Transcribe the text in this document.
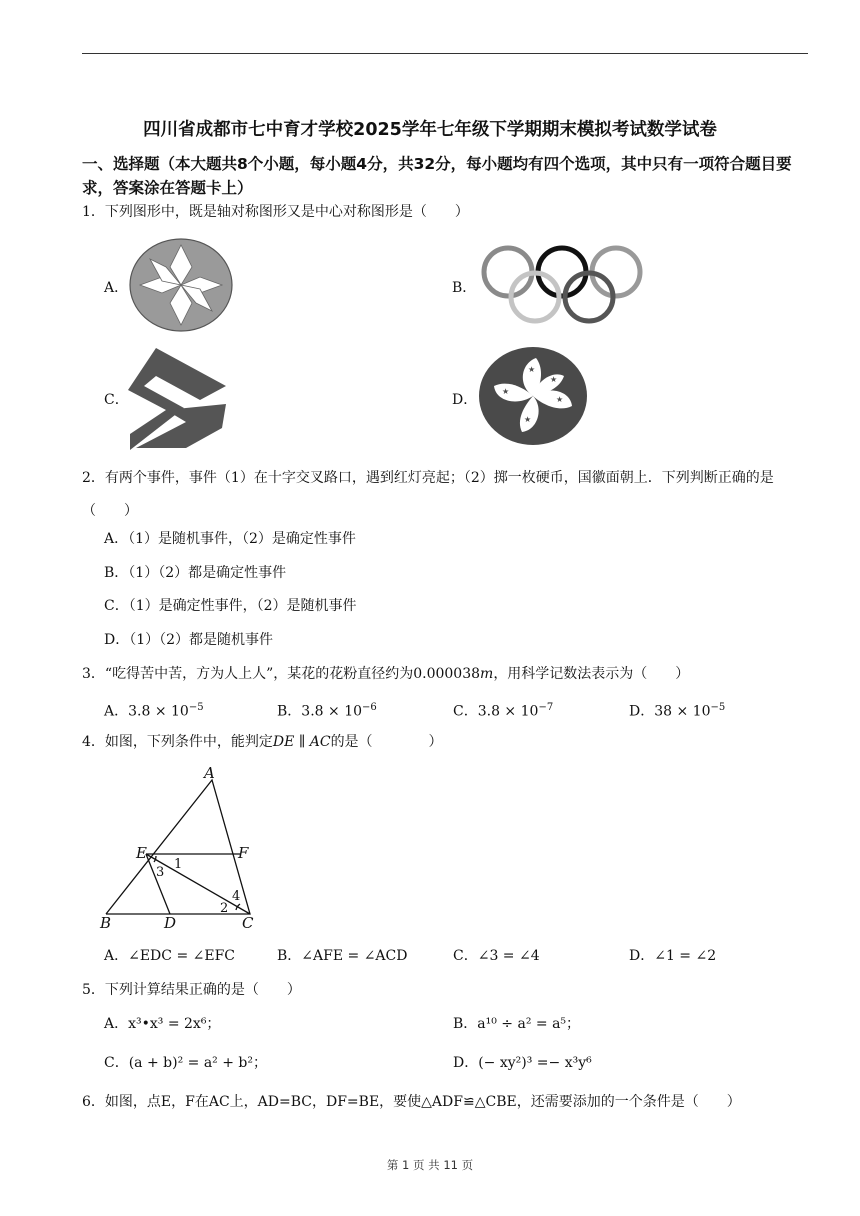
四川省成都市七中育才学校2025学年七年级下学期期末模拟考试数学试卷
一、选择题（本大题共8个小题，每小题4分，共32分，每小题均有四个选项，其中只有一项符合题目要求，答案涂在答题卡上）
1．下列图形中，既是轴对称图形又是中心对称图形是（　　）
A．	B．
C．	D．
★
★
★
★
★
2．有两个事件，事件（1）在十字交叉路口，遇到红灯亮起；（2）掷一枚硬币，国徽面朝上．下列判断正确的是（　　）
A．（1）是随机事件，（2）是确定性事件
B．（1）（2）都是确定性事件
C．（1）是确定性事件，（2）是随机事件
D．（1）（2）都是随机事件
3．“吃得苦中苦，方为人上人”，某花的花粉直径约为0.000038m，用科学记数法表示为（　　）
A．$3.8 \times 10^{-5}$	B．$3.8 \times 10^{-6}$	C．$3.8 \times 10^{-7}$	D．$38 \times 10^{-5}$
4．如图，下列条件中，能判定DE ∥ AC的是（　　　　）
A
B	C
D
E	F
1
2
3
4
A．∠EDC = ∠EFC	B．∠AFE = ∠ACD	C．∠3 = ∠4	D．∠1 = ∠2
5．下列计算结果正确的是（　　）
A．x³•x³ = 2x⁶；	B．a¹⁰ ÷ a² = a⁵；
C．(a + b)² = a² + b²；	D．(− xy²)³ =− x³y⁶
6．如图，点E，F在AC上，AD=BC，DF=BE，要使△ADF≌△CBE，还需要添加的一个条件是（　　）
第 1 页 共 11 页
